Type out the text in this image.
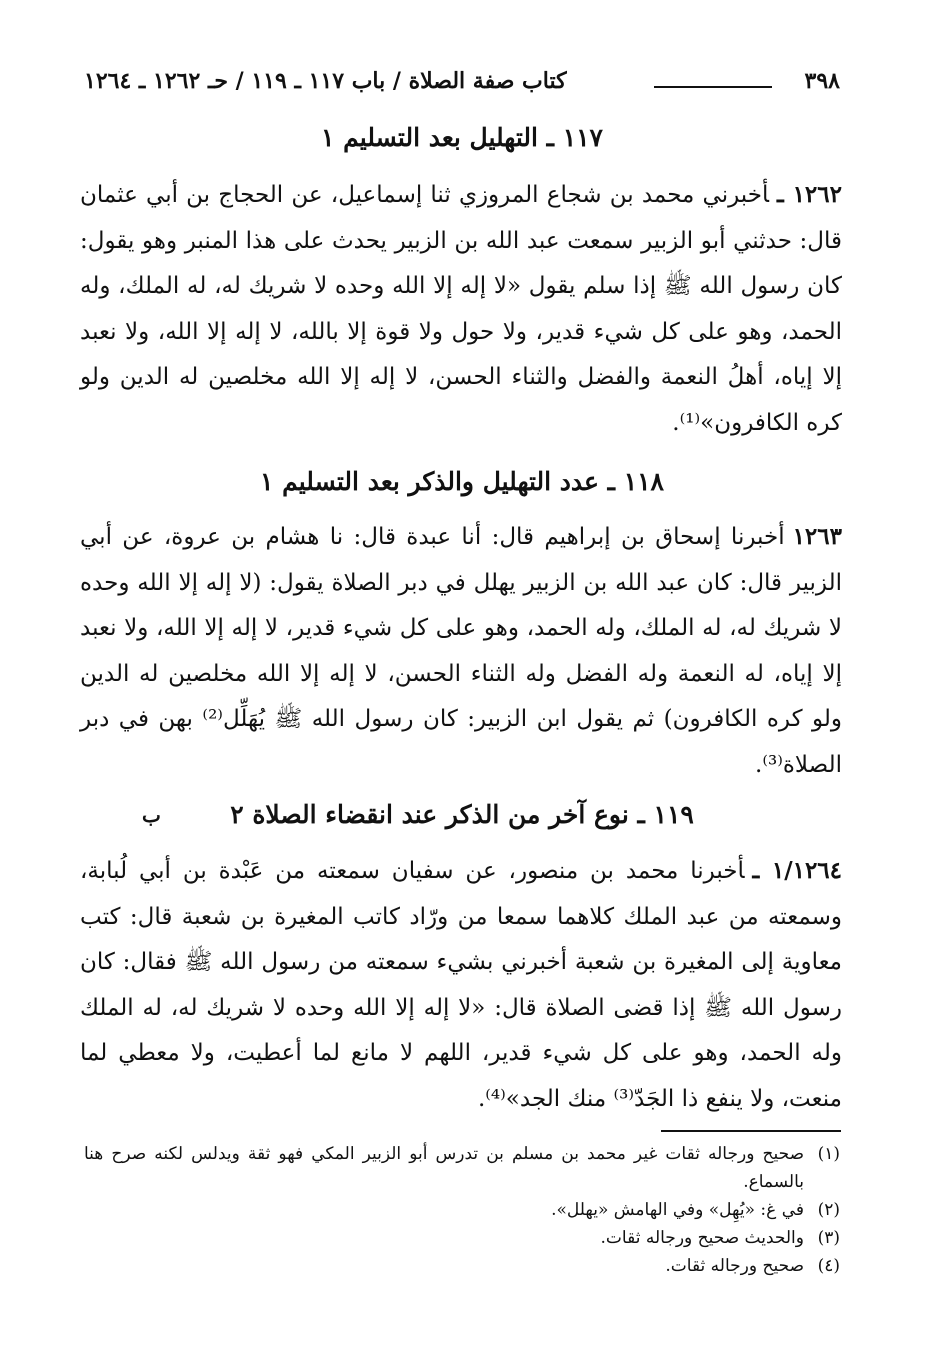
٣٩٨
كتاب صفة الصلاة / باب ١١٧ ـ ١١٩ / حـ ١٢٦٢ ـ ١٢٦٤
١١٧ ـ التهليل بعد التسليم ١
١٢٦٢ ـأخبرني محمد بن شجاع المروزي ثنا إسماعيل، عن الحجاج بن أبي عثمان قال: حدثني أبو الزبير سمعت عبد الله بن الزبير يحدث على هذا المنبر وهو يقول: كان رسول الله ﷺ إذا سلم يقول «لا إله إلا الله وحده لا شريك له، له الملك، وله الحمد، وهو على كل شيء قدير، ولا حول ولا قوة إلا بالله، لا إله إلا الله، ولا نعبد إلا إياه، أهلُ النعمة والفضل والثناء الحسن، لا إله إلا الله مخلصين له الدين ولو كره الكافرون»⁽¹⁾.
١١٨ ـ عدد التهليل والذكر بعد التسليم ١
١٢٦٣أخبرنا إسحاق بن إبراهيم قال: أنا عبدة قال: نا هشام بن عروة، عن أبي الزبير قال: كان عبد الله بن الزبير يهلل في دبر الصلاة يقول: (لا إله إلا الله وحده لا شريك له، له الملك، وله الحمد، وهو على كل شيء قدير، لا إله إلا الله، ولا نعبد إلا إياه، له النعمة وله الفضل وله الثناء الحسن، لا إله إلا الله مخلصين له الدين ولو كره الكافرون) ثم يقول ابن الزبير: كان رسول الله ﷺ يُهَلِّل⁽²⁾ بهن في دبر الصلاة⁽³⁾.
١١٩ ـ نوع آخر من الذكر عند انقضاء الصلاة ٢
ب
١/١٢٦٤ ـأخبرنا محمد بن منصور، عن سفيان سمعته من عَبْدة بن أبي لُبابة، وسمعته من عبد الملك كلاهما سمعا من ورّاد كاتب المغيرة بن شعبة قال: كتب معاوية إلى المغيرة بن شعبة أخبرني بشيء سمعته من رسول الله ﷺ فقال: كان رسول الله ﷺ إذا قضى الصلاة قال: «لا إله إلا الله وحده لا شريك له، له الملك وله الحمد، وهو على كل شيء قدير، اللهم لا مانع لما أعطيت، ولا معطي لما منعت، ولا ينفع ذا الجَدّ⁽³⁾ منك الجد»⁽⁴⁾.
(١)
صحيح ورجاله ثقات غير محمد بن مسلم بن تدرس أبو الزبير المكي فهو ثقة ويدلس لكنه صرح هنا بالسماع.
(٢)
في غ: «يُهِل» وفي الهامش «يهلل».
(٣)
والحديث صحيح ورجاله ثقات.
(٤)
صحيح ورجاله ثقات.
